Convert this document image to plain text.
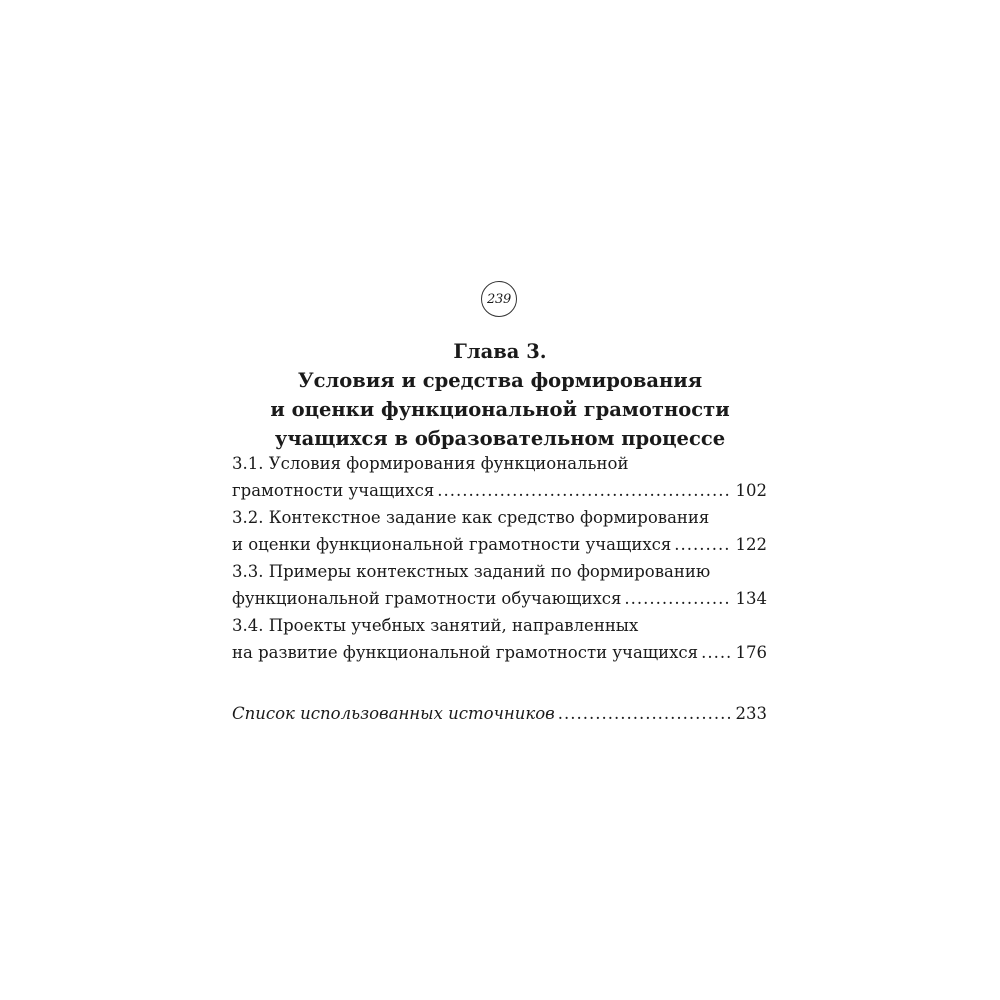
239
Глава 3.
Условия и средства формирования
и оценки функциональной грамотности
учащихся в образовательном процессе
3.1. Условия формирования функциональной
грамотности учащихся .....	102
3.2. Контекстное задание как средство формирования
и оценки функциональной грамотности учащихся .....	122
3.3. Примеры контекстных заданий по формированию
функциональной грамотности обучающихся .....	134
3.4. Проекты учебных занятий, направленных
на развитие функциональной грамотности учащихся ..... 176
Список использованных источников .....	233
